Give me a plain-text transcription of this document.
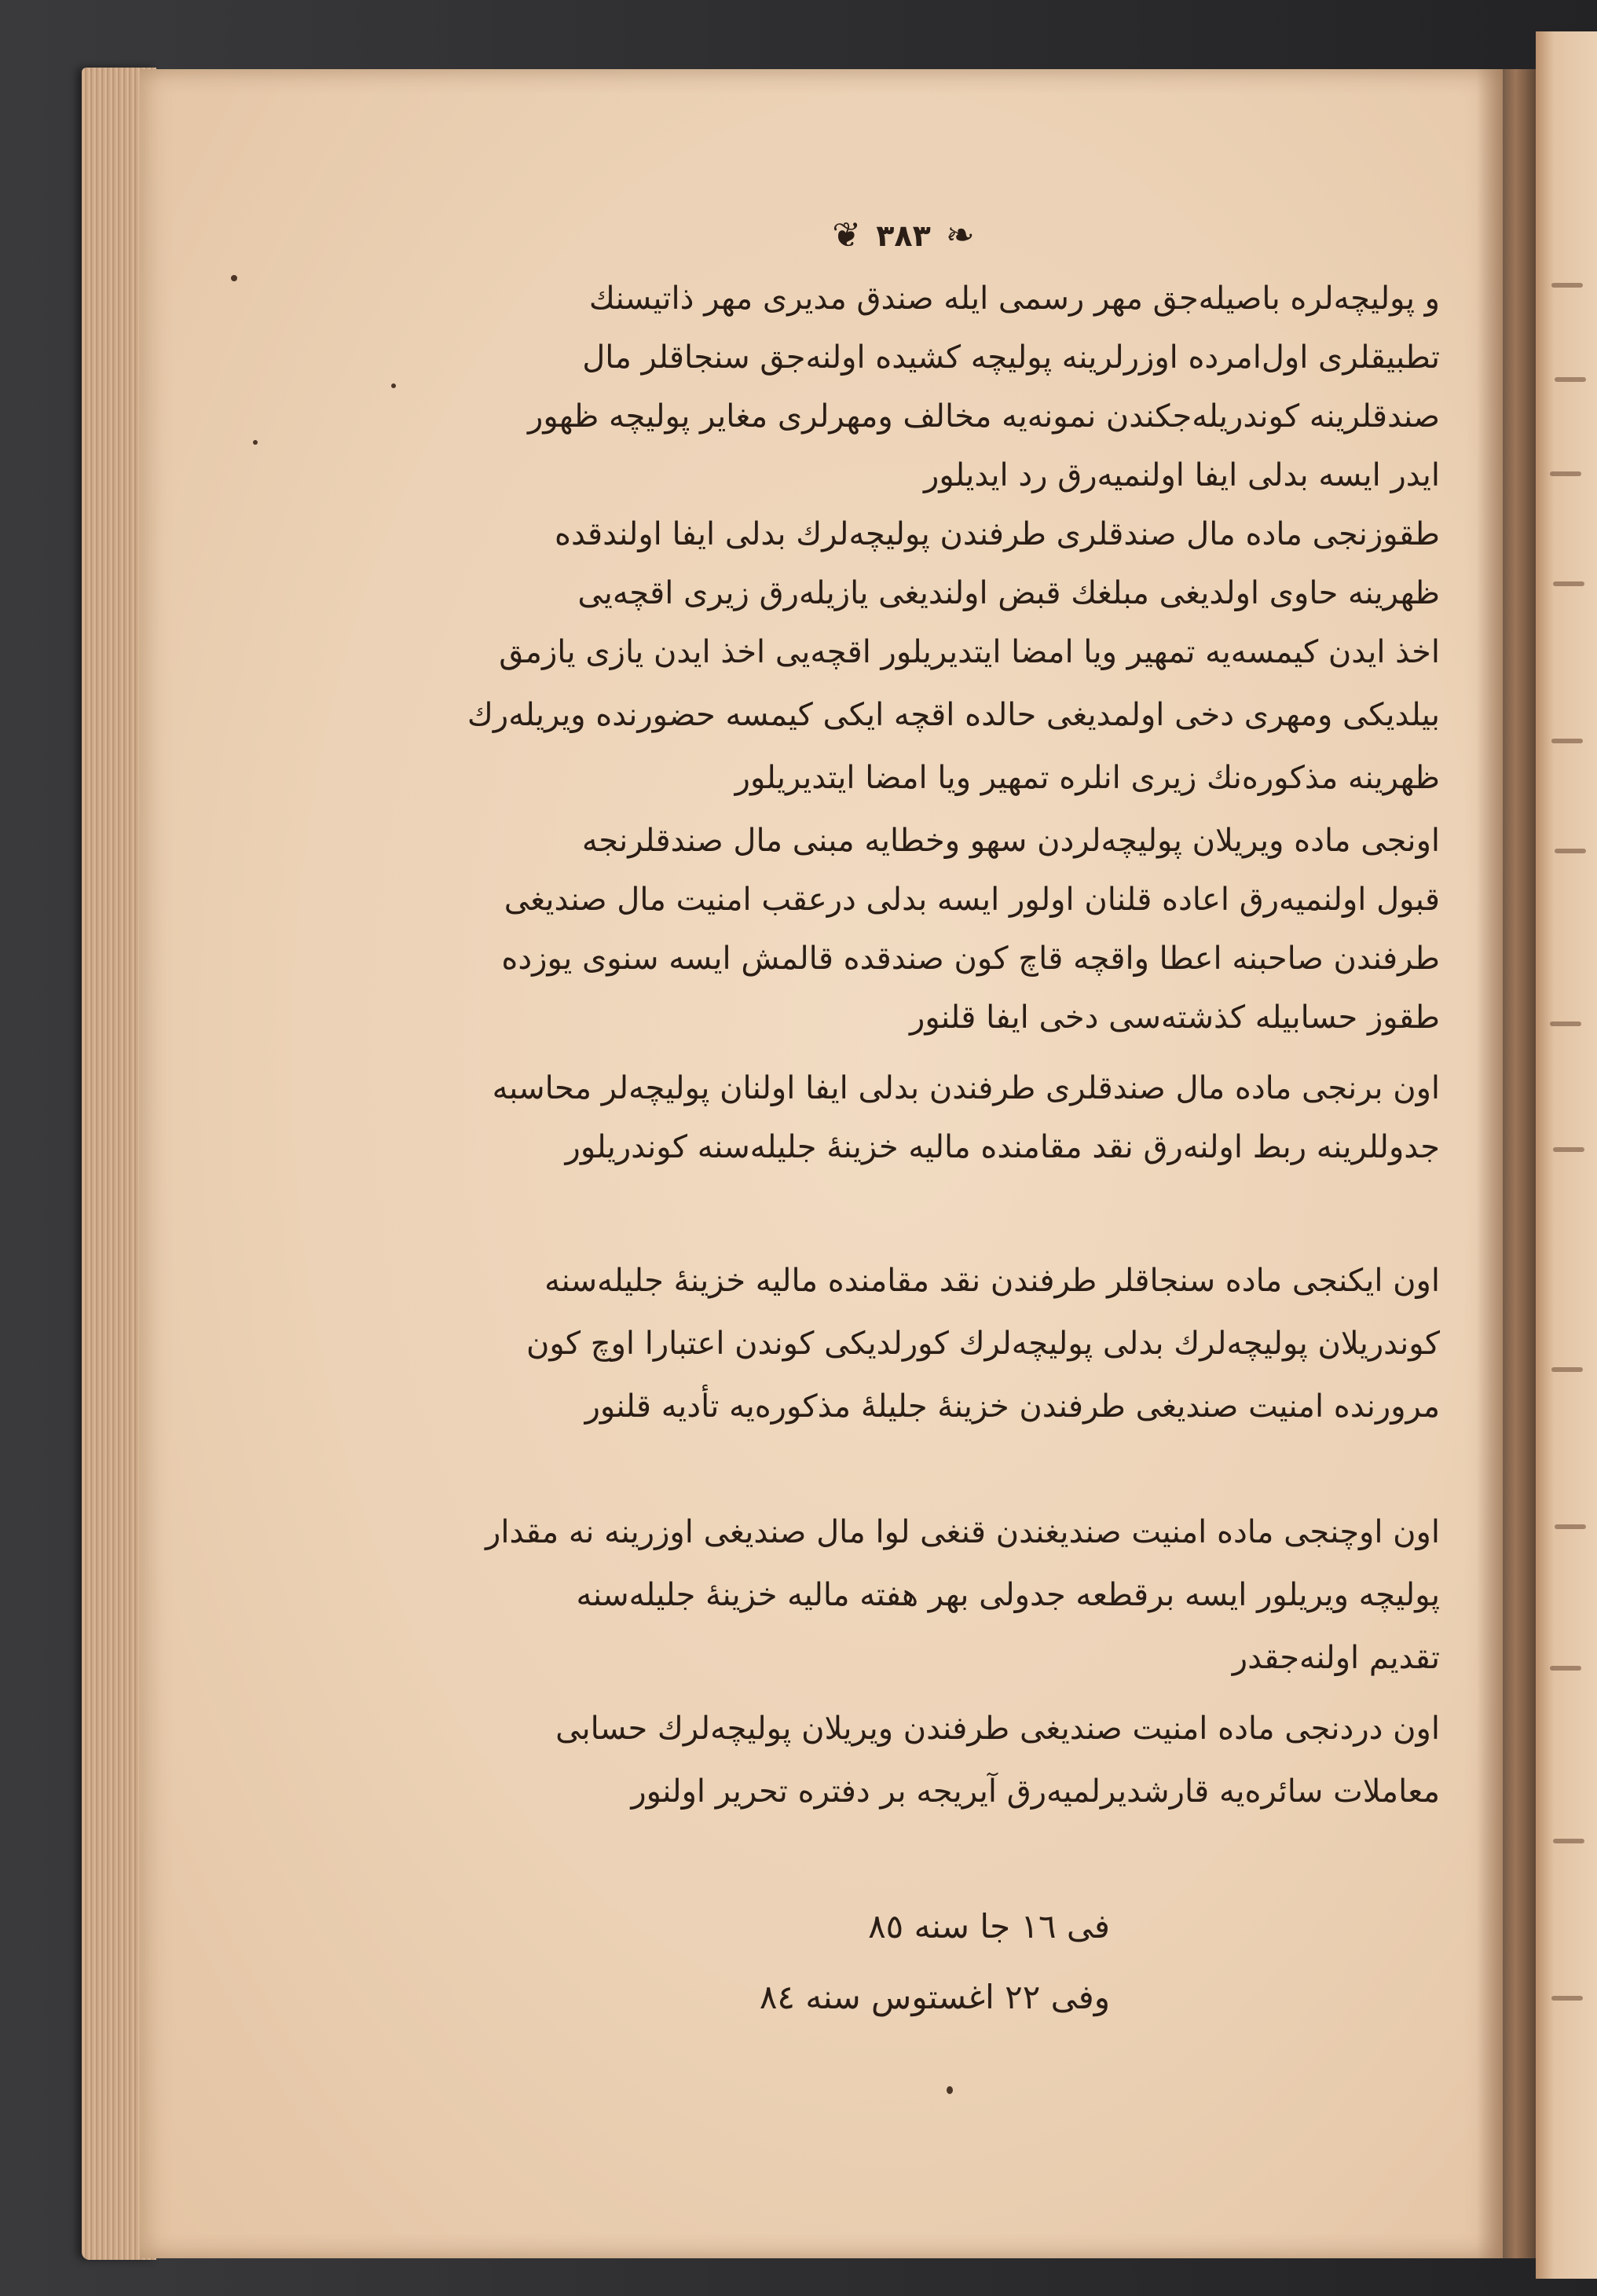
❦ ٣٨٣ ❧
و پولیچه‌لره باصیله‌جق مهر رسمی ایله صندق مدیری مهر ذاتیسنك
تطبیقلری اول‌امرده اوزرلرینه پولیچه کشیده اولنه‌جق سنجاقلر مال
صندقلرینه کوندریله‌جکندن نمونه‌یه مخالف ومهرلری مغایر پولیچه ظهور
ایدر ایسه بدلی ایفا اولنمیه‌رق رد ایدیلور
طقوزنجی ماده مال صندقلری طرفندن پولیچه‌لرك بدلی ایفا اولندقده
ظهرینه حاوی اولدیغی مبلغك قبض اولندیغی یازیله‌رق زیری اقچه‌یی
اخذ ایدن کیمسه‌یه تمهیر ویا امضا ایتدیریلور اقچه‌یی اخذ ایدن یازی یازمق
بیلدیکی ومهری دخی اولمدیغی حالده اقچه ایکی کیمسه حضورنده ویریله‌رك
ظهرینه مذکوره‌نك زیری انلره تمهیر ویا امضا ایتدیریلور
اونجی ماده ویریلان پولیچه‌لردن سهو وخطایه مبنی مال صندقلرنجه
قبول اولنمیه‌رق اعاده قلنان اولور ایسه بدلی درعقب امنیت مال صندیغی
طرفندن صاحبنه اعطا واقچه قاچ کون صندقده قالمش ایسه سنوی یوزده
طقوز حسابیله کذشته‌سی دخی ایفا قلنور
اون برنجی ماده مال صندقلری طرفندن بدلی ایفا اولنان پولیچه‌لر محاسبه
جدوللرینه ربط اولنه‌رق نقد مقامنده مالیه خزینهٔ جلیله‌سنه کوندریلور
اون ایکنجی ماده سنجاقلر طرفندن نقد مقامنده مالیه خزینهٔ جلیله‌سنه
کوندریلان پولیچه‌لرك بدلی پولیچه‌لرك کورلدیکی کوندن اعتبارا اوچ کون
مرورنده امنیت صندیغی طرفندن خزینهٔ جلیلهٔ مذکوره‌یه تأدیه قلنور
اون اوچنجی ماده امنیت صندیغندن قنغی لوا مال صندیغی اوزرینه نه مقدار
پولیچه ویریلور ایسه برقطعه جدولی بهر هفته مالیه خزینهٔ جلیله‌سنه
تقدیم اولنه‌جقدر
اون دردنجی ماده امنیت صندیغی طرفندن ویریلان پولیچه‌لرك حسابی
معاملات سائره‌یه قارشدیرلمیه‌رق آیریجه بر دفتره تحریر اولنور
فی ١٦ جا سنه ٨٥
وفی ٢٢ اغستوس سنه ٨٤
